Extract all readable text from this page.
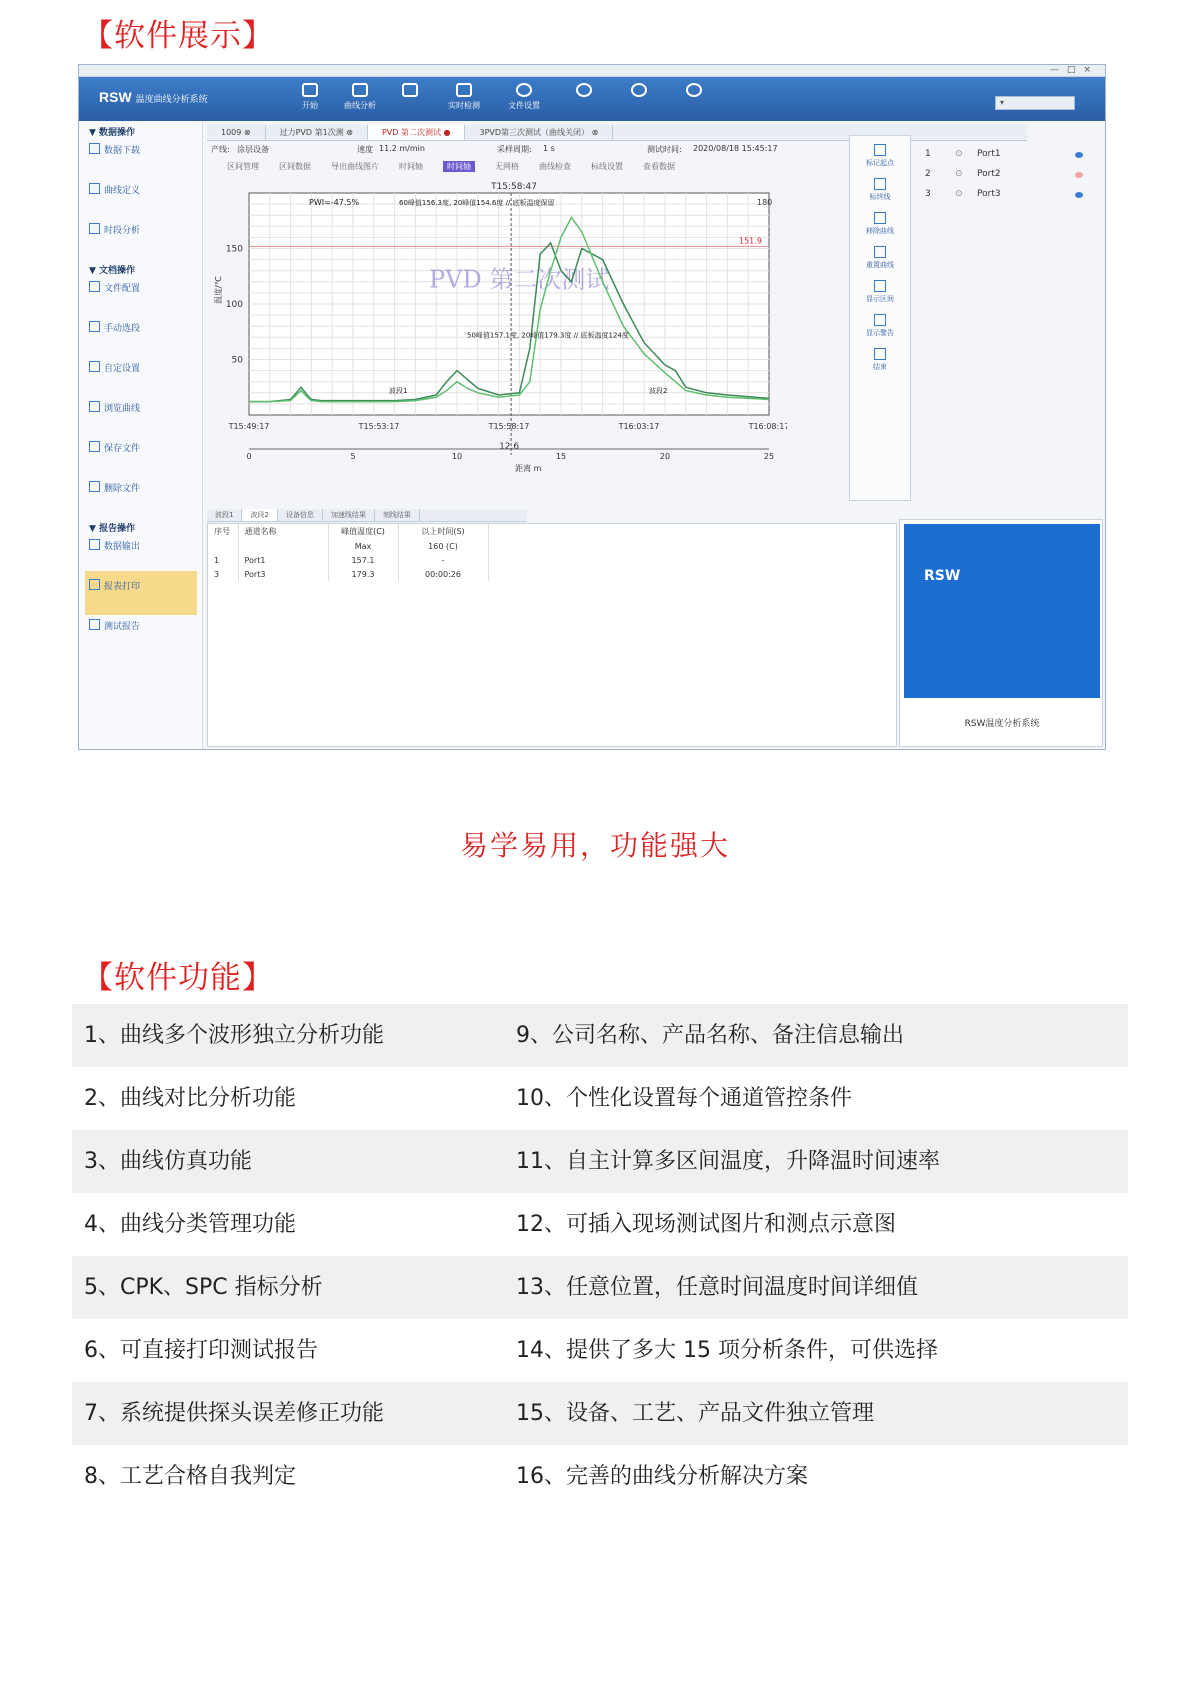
【软件展示】
—□×
RSW 温度曲线分析系统
开始	曲线分析	实时检测	文件设置	▾
▼ 数据操作
数据下载
曲线定义
时段分析
▼ 文档操作
文件配置
手动选段
自定设置
浏览曲线
保存文件
删除文件
▼ 报告操作
数据输出
报表打印
测试报告
1009 ⊗	过力PVD 第1次测 ⊗	PVD 第二次测试 ●	3PVD第三次测试（曲线关闭） ⊗
产线: 涂层设备	速度 11.2 m/min	采样周期: 1 s	测试时间: 2020/08/18 15:45:17
区间管理	区间数据	导出曲线图片	时间轴	时间轴	无网格	曲线检查	标线设置	查看数据
50
100
150
温度/℃
151.9
180
T15:58:47
12.6
PVD 第二次测试
PWI=-47.5%	60峰值156.3度, 20峰值154.6度 // 底板温度保留
50峰值157.1度, 20峰值179.3度 // 底板温度124度
波段1	波段2
T15:49:17	T15:53:17	T15:58:17	T16:03:17	T16:08:17
0	5	10	15	20	25
距离 m
标记起点
标终线
移除曲线
重置曲线
显示区间
显示警告
结束
1	⊙ Port1
2	⊙ Port2
3	⊙ Port3
波段1 波段2 设备信息 加速线结果 刻线结果
序号	通道名称	峰值温度(C)	以上时间(S)
		Max	160 (C)
1	Port1	157.1	-
3	Port3	179.3	00:00:26	RSW
RSW温度分析系统
易学易用，功能强大
【软件功能】
1、曲线多个波形独立分析功能	9、公司名称、产品名称、备注信息输出
2、曲线对比分析功能	10、个性化设置每个通道管控条件
3、曲线仿真功能	11、自主计算多区间温度，升降温时间速率
4、曲线分类管理功能	12、可插入现场测试图片和测点示意图
5、CPK、SPC 指标分析	13、任意位置，任意时间温度时间详细值
6、可直接打印测试报告	14、提供了多大 15 项分析条件，可供选择
7、系统提供探头误差修正功能	15、设备、工艺、产品文件独立管理
8、工艺合格自我判定	16、完善的曲线分析解决方案
